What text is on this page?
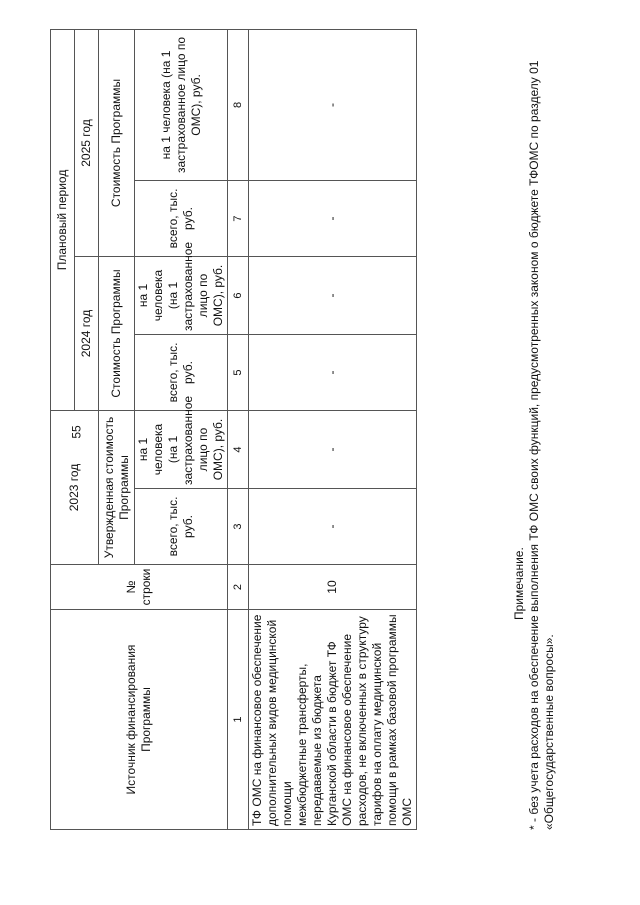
55
Источник финансирования Программы	№ строки	2023 год		Плановый период			
				2024 год		2025 год	
		Утвержденная стоимость Программы		Стоимость Программы		Стоимость Программы	
		всего, тыс. руб.	на 1 человека (на 1 застрахованное лицо по ОМС), руб.	всего, тыс. руб.	на 1 человека (на 1 застрахованное лицо по ОМС), руб.	всего, тыс. руб.	на 1 человека (на 1 застрахованное лицо по ОМС), руб.
1	2	3	4	5	6	7	8

ТФ ОМС на финансовое обеспечение дополнительных видов медицинской помощи межбюджетные трансферты, передаваемые из бюджета Курганской области в бюджет ТФ ОМС на финансовое обеспечение расходов, не включенных в структуру тарифов на оплату медицинской помощи в рамках базовой программы ОМС	10	-	-	-	-	-	-
Примечание. * - без учета расходов на обеспечение выполнения ТФ ОМС своих функций, предусмотренных законом о бюджете ТФОМС по разделу 01 «Общегосударственные вопросы».
